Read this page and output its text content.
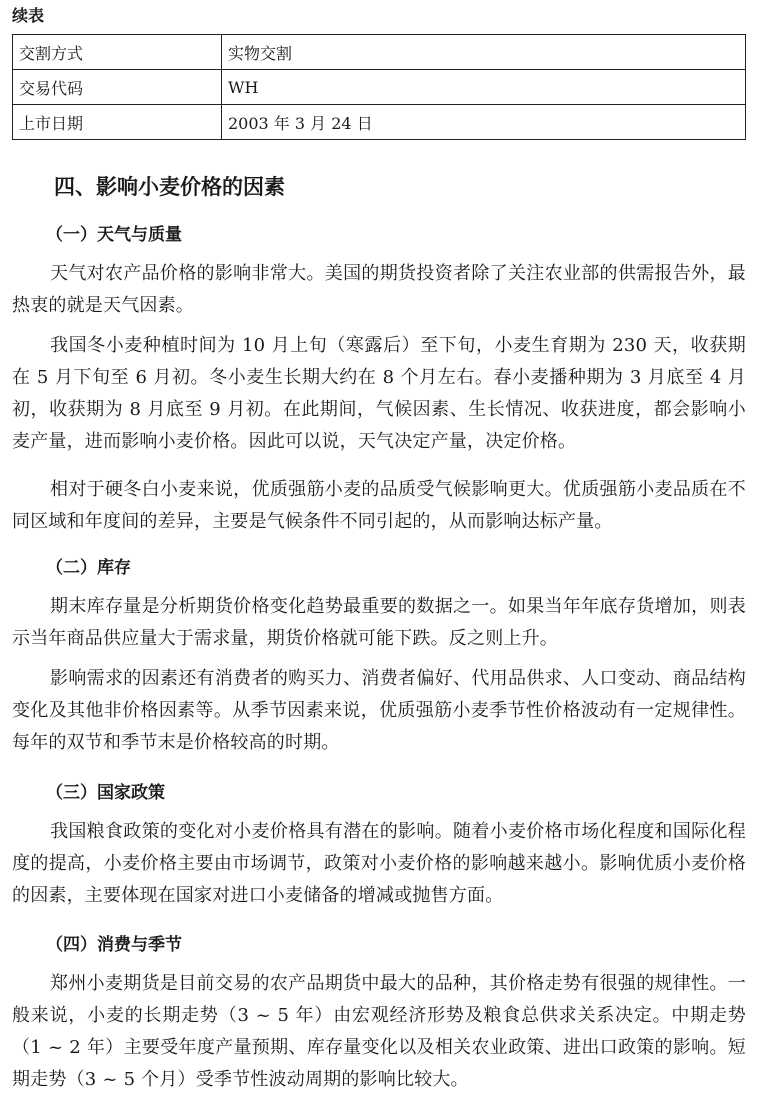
续表
交割方式	实物交割
交易代码	WH
上市日期	2003 年 3 月 24 日
四、影响小麦价格的因素
（一）天气与质量

天气对农产品价格的影响非常大。美国的期货投资者除了关注农业部的供需报告外，最热衷的就是天气因素。

我国冬小麦种植时间为 10 月上旬（寒露后）至下旬，小麦生育期为 230 天，收获期在 5 月下旬至 6 月初。冬小麦生长期大约在 8 个月左右。春小麦播种期为 3 月底至 4 月初，收获期为 8 月底至 9 月初。在此期间，气候因素、生长情况、收获进度，都会影响小麦产量，进而影响小麦价格。因此可以说，天气决定产量，决定价格。

相对于硬冬白小麦来说，优质强筋小麦的品质受气候影响更大。优质强筋小麦品质在不同区域和年度间的差异，主要是气候条件不同引起的，从而影响达标产量。

（二）库存

期末库存量是分析期货价格变化趋势最重要的数据之一。如果当年年底存货增加，则表示当年商品供应量大于需求量，期货价格就可能下跌。反之则上升。

影响需求的因素还有消费者的购买力、消费者偏好、代用品供求、人口变动、商品结构变化及其他非价格因素等。从季节因素来说，优质强筋小麦季节性价格波动有一定规律性。每年的双节和季节末是价格较高的时期。

（三）国家政策

我国粮食政策的变化对小麦价格具有潜在的影响。随着小麦价格市场化程度和国际化程度的提高，小麦价格主要由市场调节，政策对小麦价格的影响越来越小。影响优质小麦价格的因素，主要体现在国家对进口小麦储备的增减或抛售方面。

（四）消费与季节

郑州小麦期货是目前交易的农产品期货中最大的品种，其价格走势有很强的规律性。一般来说，小麦的长期走势（3 ~ 5 年）由宏观经济形势及粮食总供求关系决定。中期走势（1 ~ 2 年）主要受年度产量预期、库存量变化以及相关农业政策、进出口政策的影响。短期走势（3 ~ 5 个月）受季节性波动周期的影响比较大。
